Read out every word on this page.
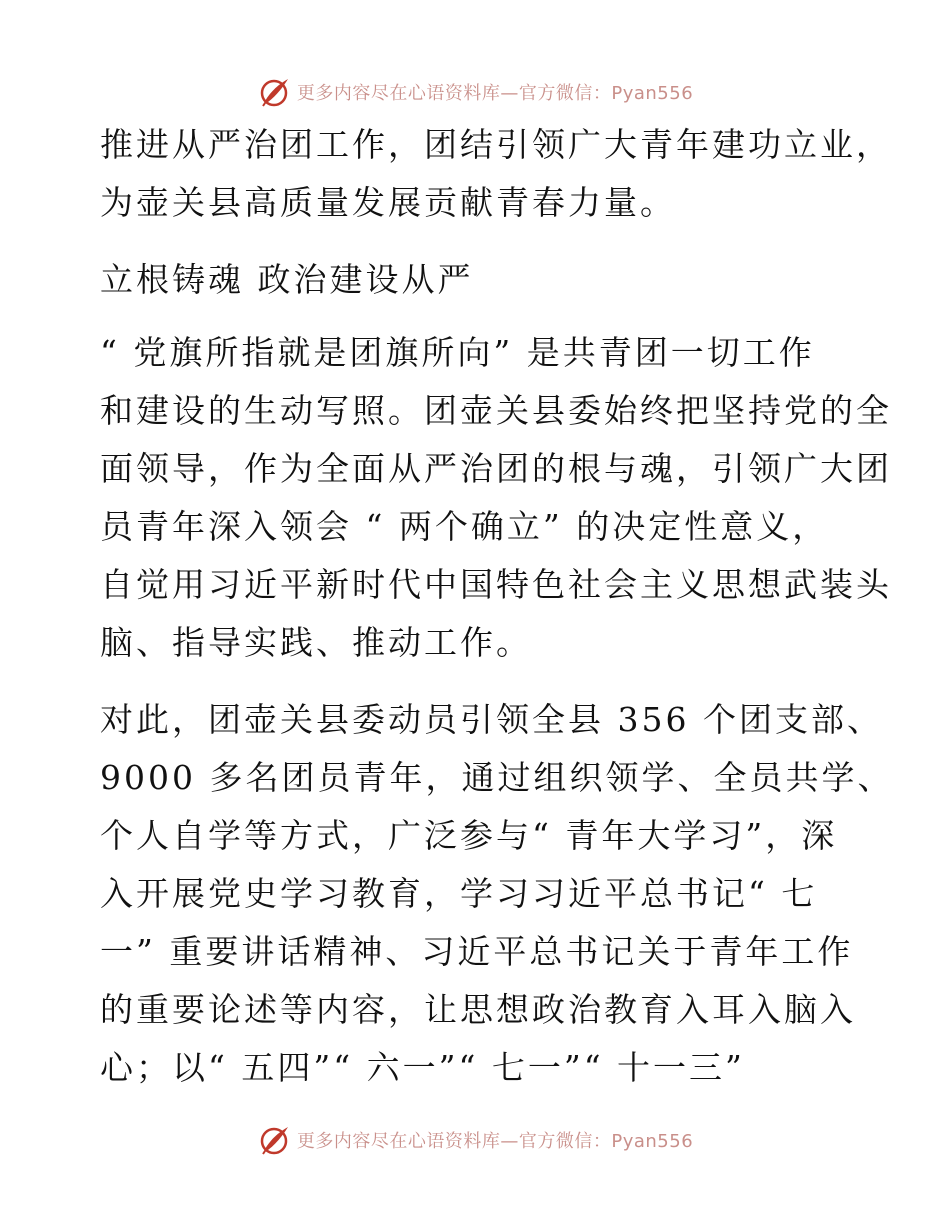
更多内容尽在心语资料库—官方微信：Pyan556
推进从严治团工作，团结引领广大青年建功立业，
为壶关县高质量发展贡献青春力量。
立根铸魂 政治建设从严
“ 党旗所指就是团旗所向” 是共青团一切工作
和建设的生动写照。团壶关县委始终把坚持党的全
面领导，作为全面从严治团的根与魂，引领广大团
员青年深入领会 “ 两个确立” 的决定性意义，
自觉用习近平新时代中国特色社会主义思想武装头
脑、指导实践、推动工作。
对此，团壶关县委动员引领全县 356 个团支部、
9000 多名团员青年，通过组织领学、全员共学、
个人自学等方式，广泛参与“ 青年大学习”，深
入开展党史学习教育，学习习近平总书记“ 七
一” 重要讲话精神、习近平总书记关于青年工作
的重要论述等内容，让思想政治教育入耳入脑入
心；以“ 五四”“ 六一”“ 七一”“ 十一三”
更多内容尽在心语资料库—官方微信：Pyan556
